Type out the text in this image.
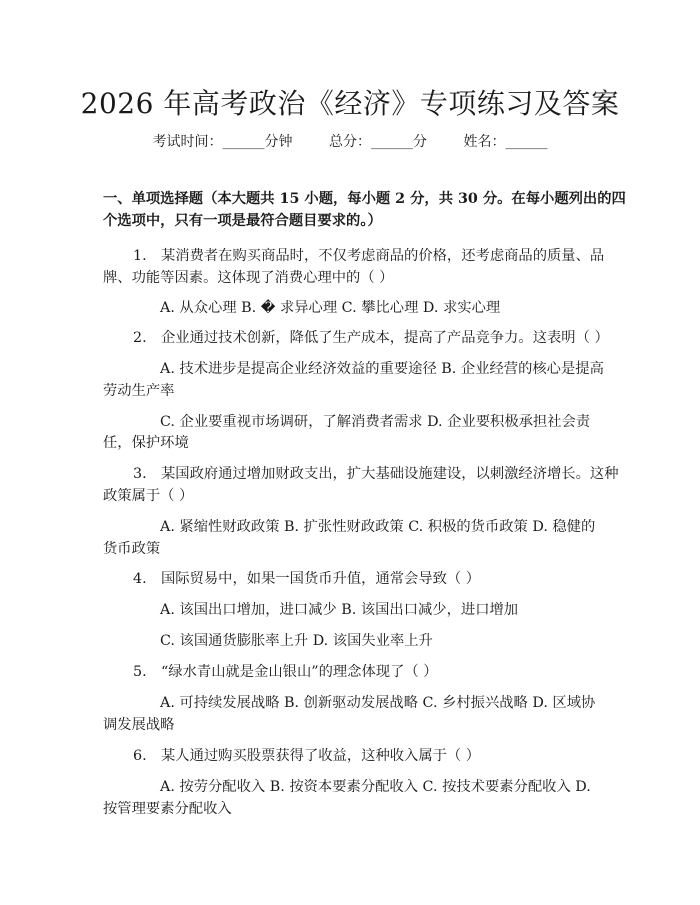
2026 年高考政治《经济》专项练习及答案
考试时间：______分钟	总分：______分	姓名：______
一、单项选择题（本大题共 15 小题，每小题 2 分，共 30 分。在每小题列出的四
个选项中，只有一项是最符合题目要求的。）
1. 某消费者在购买商品时，不仅考虑商品的价格，还考虑商品的质量、品
牌、功能等因素。这体现了消费心理中的（ ）
A. 从众心理 B. � 求异心理 C. 攀比心理 D. 求实心理
2. 企业通过技术创新，降低了生产成本，提高了产品竞争力。这表明（ ）
A. 技术进步是提高企业经济效益的重要途径 B. 企业经营的核心是提高
劳动生产率
C. 企业要重视市场调研，了解消费者需求 D. 企业要积极承担社会责
任，保护环境
3. 某国政府通过增加财政支出，扩大基础设施建设，以刺激经济增长。这种
政策属于（ ）
A. 紧缩性财政政策 B. 扩张性财政政策 C. 积极的货币政策 D. 稳健的
货币政策
4. 国际贸易中，如果一国货币升值，通常会导致（ ）
A. 该国出口增加，进口减少 B. 该国出口减少，进口增加
C. 该国通货膨胀率上升 D. 该国失业率上升
5. “绿水青山就是金山银山”的理念体现了（ ）
A. 可持续发展战略 B. 创新驱动发展战略 C. 乡村振兴战略 D. 区域协
调发展战略
6. 某人通过购买股票获得了收益，这种收入属于（ ）
A. 按劳分配收入 B. 按资本要素分配收入 C. 按技术要素分配收入 D.
按管理要素分配收入
